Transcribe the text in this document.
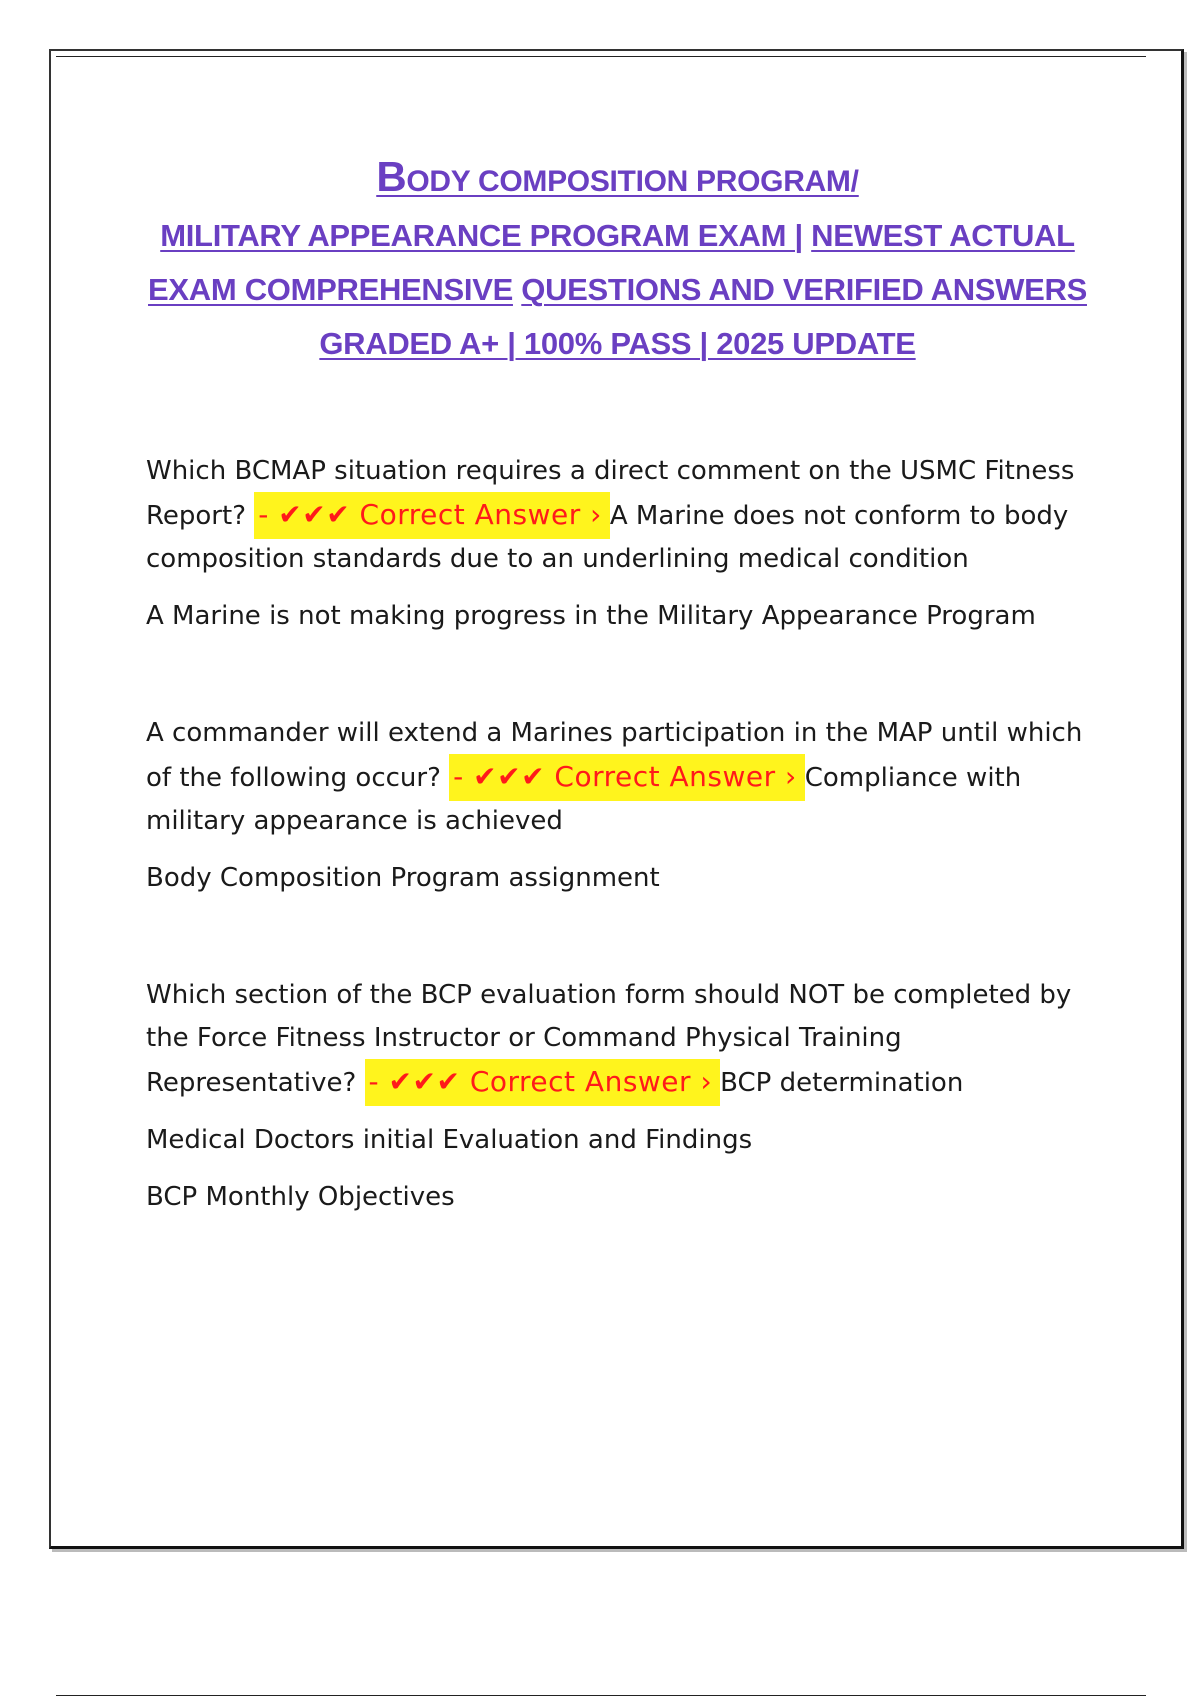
BODY COMPOSITION PROGRAM/
MILITARY APPEARANCE PROGRAM EXAM | NEWEST ACTUAL
EXAM COMPREHENSIVE QUESTIONS AND VERIFIED ANSWERS
GRADED A+ | 100% PASS | 2025 UPDATE

Which BCMAP situation requires a direct comment on the USMC Fitness Report? - ✔✔✔ Correct Answer › A Marine does not conform to body composition standards due to an underlining medical condition

A Marine is not making progress in the Military Appearance Program

A commander will extend a Marines participation in the MAP until which of the following occur? - ✔✔✔ Correct Answer › Compliance with military appearance is achieved

Body Composition Program assignment

Which section of the BCP evaluation form should NOT be completed by the Force Fitness Instructor or Command Physical Training Representative? - ✔✔✔ Correct Answer › BCP determination

Medical Doctors initial Evaluation and Findings

BCP Monthly Objectives
